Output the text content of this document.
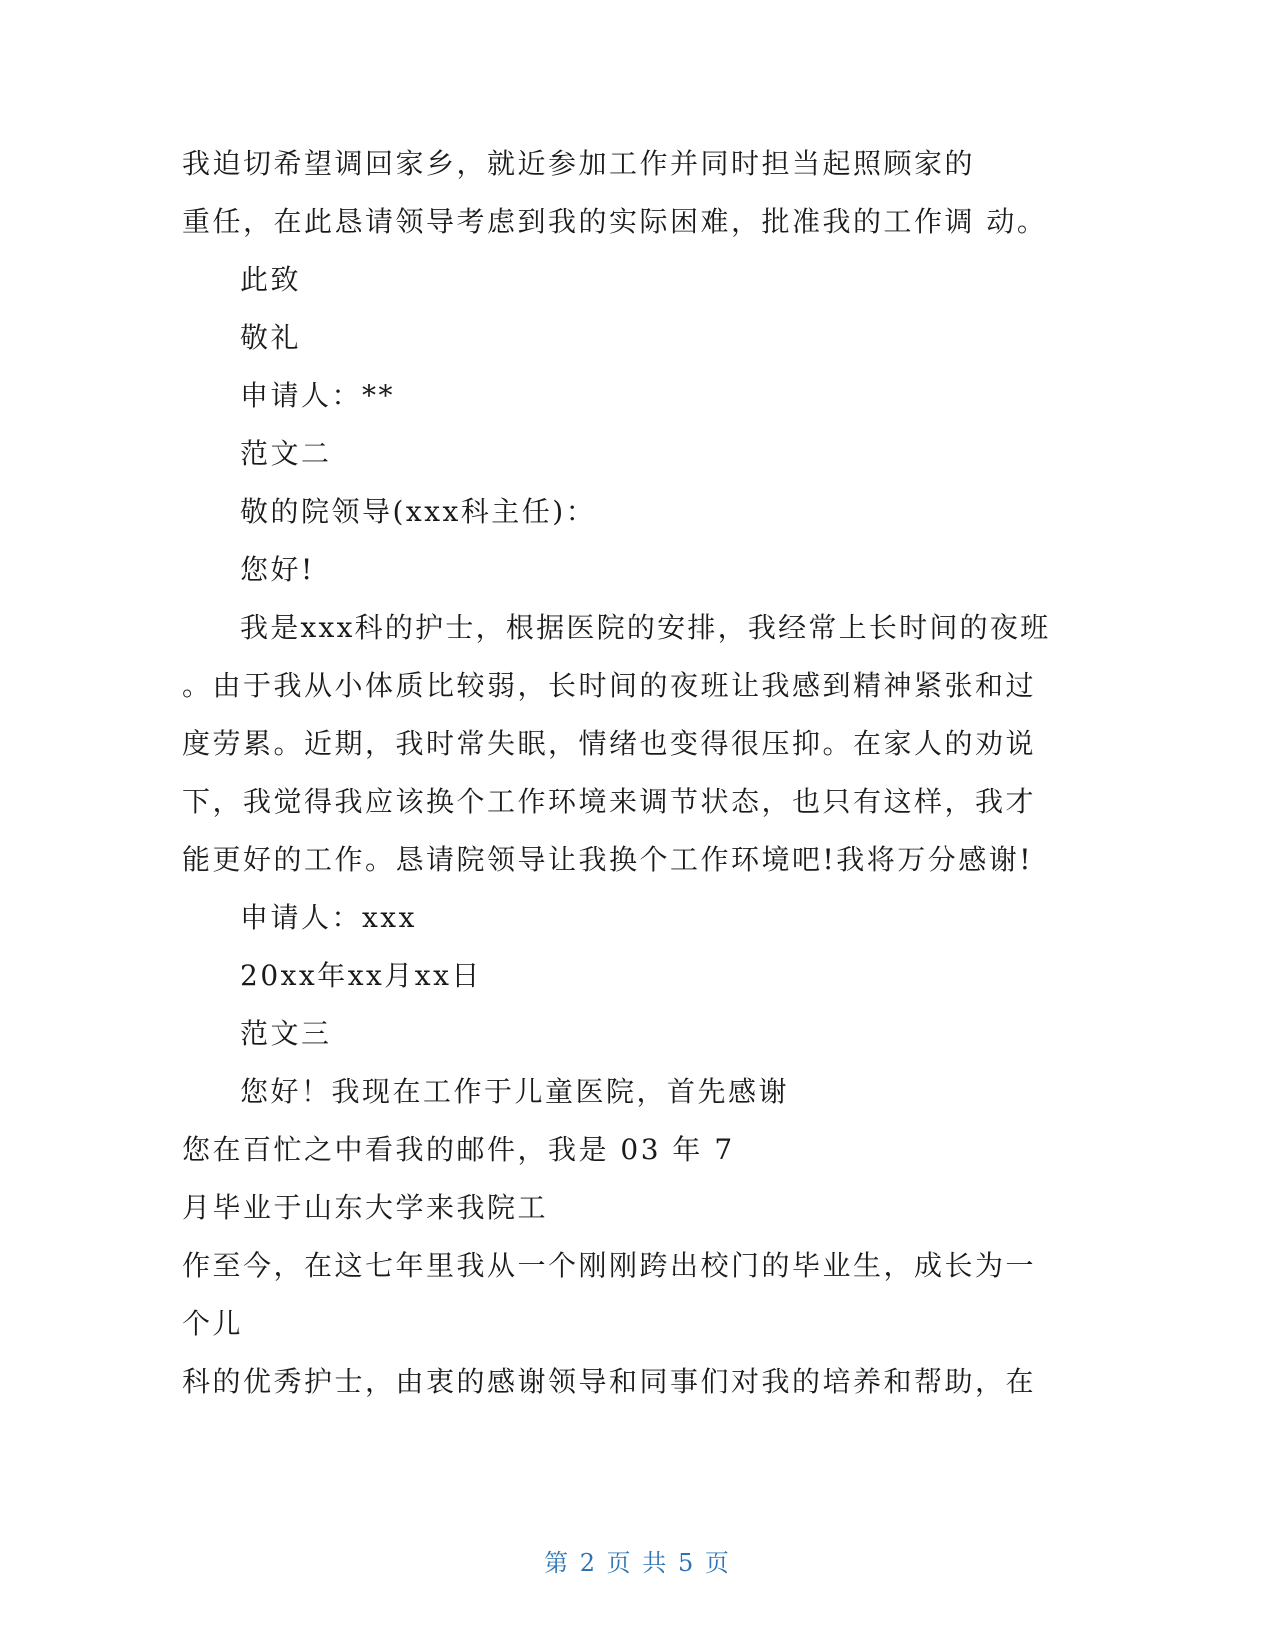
我迫切希望调回家乡，就近参加工作并同时担当起照顾家的
重任，在此恳请领导考虑到我的实际困难，批准我的工作调 动。
此致
敬礼
申请人：**
范文二
敬的院领导(xxx科主任)：
您好!
我是xxx科的护士，根据医院的安排，我经常上长时间的夜班
。由于我从小体质比较弱，长时间的夜班让我感到精神紧张和过
度劳累。近期，我时常失眠，情绪也变得很压抑。在家人的劝说
下，我觉得我应该换个工作环境来调节状态，也只有这样，我才
能更好的工作。恳请院领导让我换个工作环境吧!我将万分感谢!
申请人：xxx
20xx年xx月xx日
范文三
您好！我现在工作于儿童医院，首先感谢
您在百忙之中看我的邮件，我是 03 年 7
月毕业于山东大学来我院工
作至今，在这七年里我从一个刚刚跨出校门的毕业生，成长为一
个儿
科的优秀护士，由衷的感谢领导和同事们对我的培养和帮助，在
第 2 页 共 5 页
